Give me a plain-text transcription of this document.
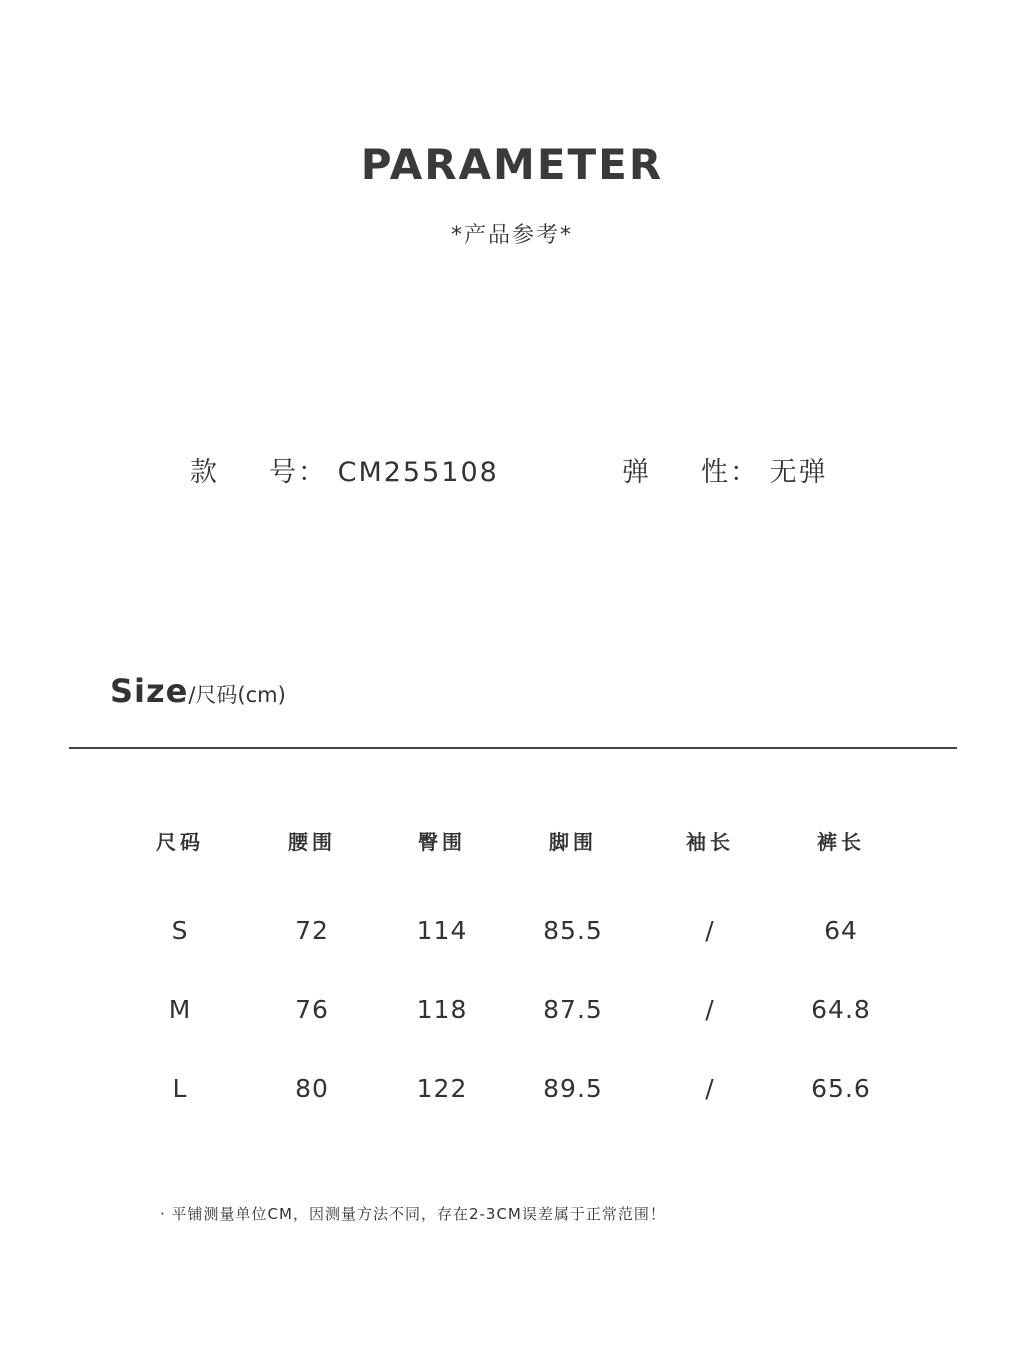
PARAMETER
*产品参考*
款 号： CM255108	弹 性： 无弹
Size/尺码(cm)
尺码	腰围	臀围	脚围	袖长	裤长
S	72	114	85.5	/	64
M	76	118	87.5	/	64.8
L	80	122	89.5	/	65.6
· 平铺测量单位CM，因测量方法不同，存在2-3CM误差属于正常范围！
